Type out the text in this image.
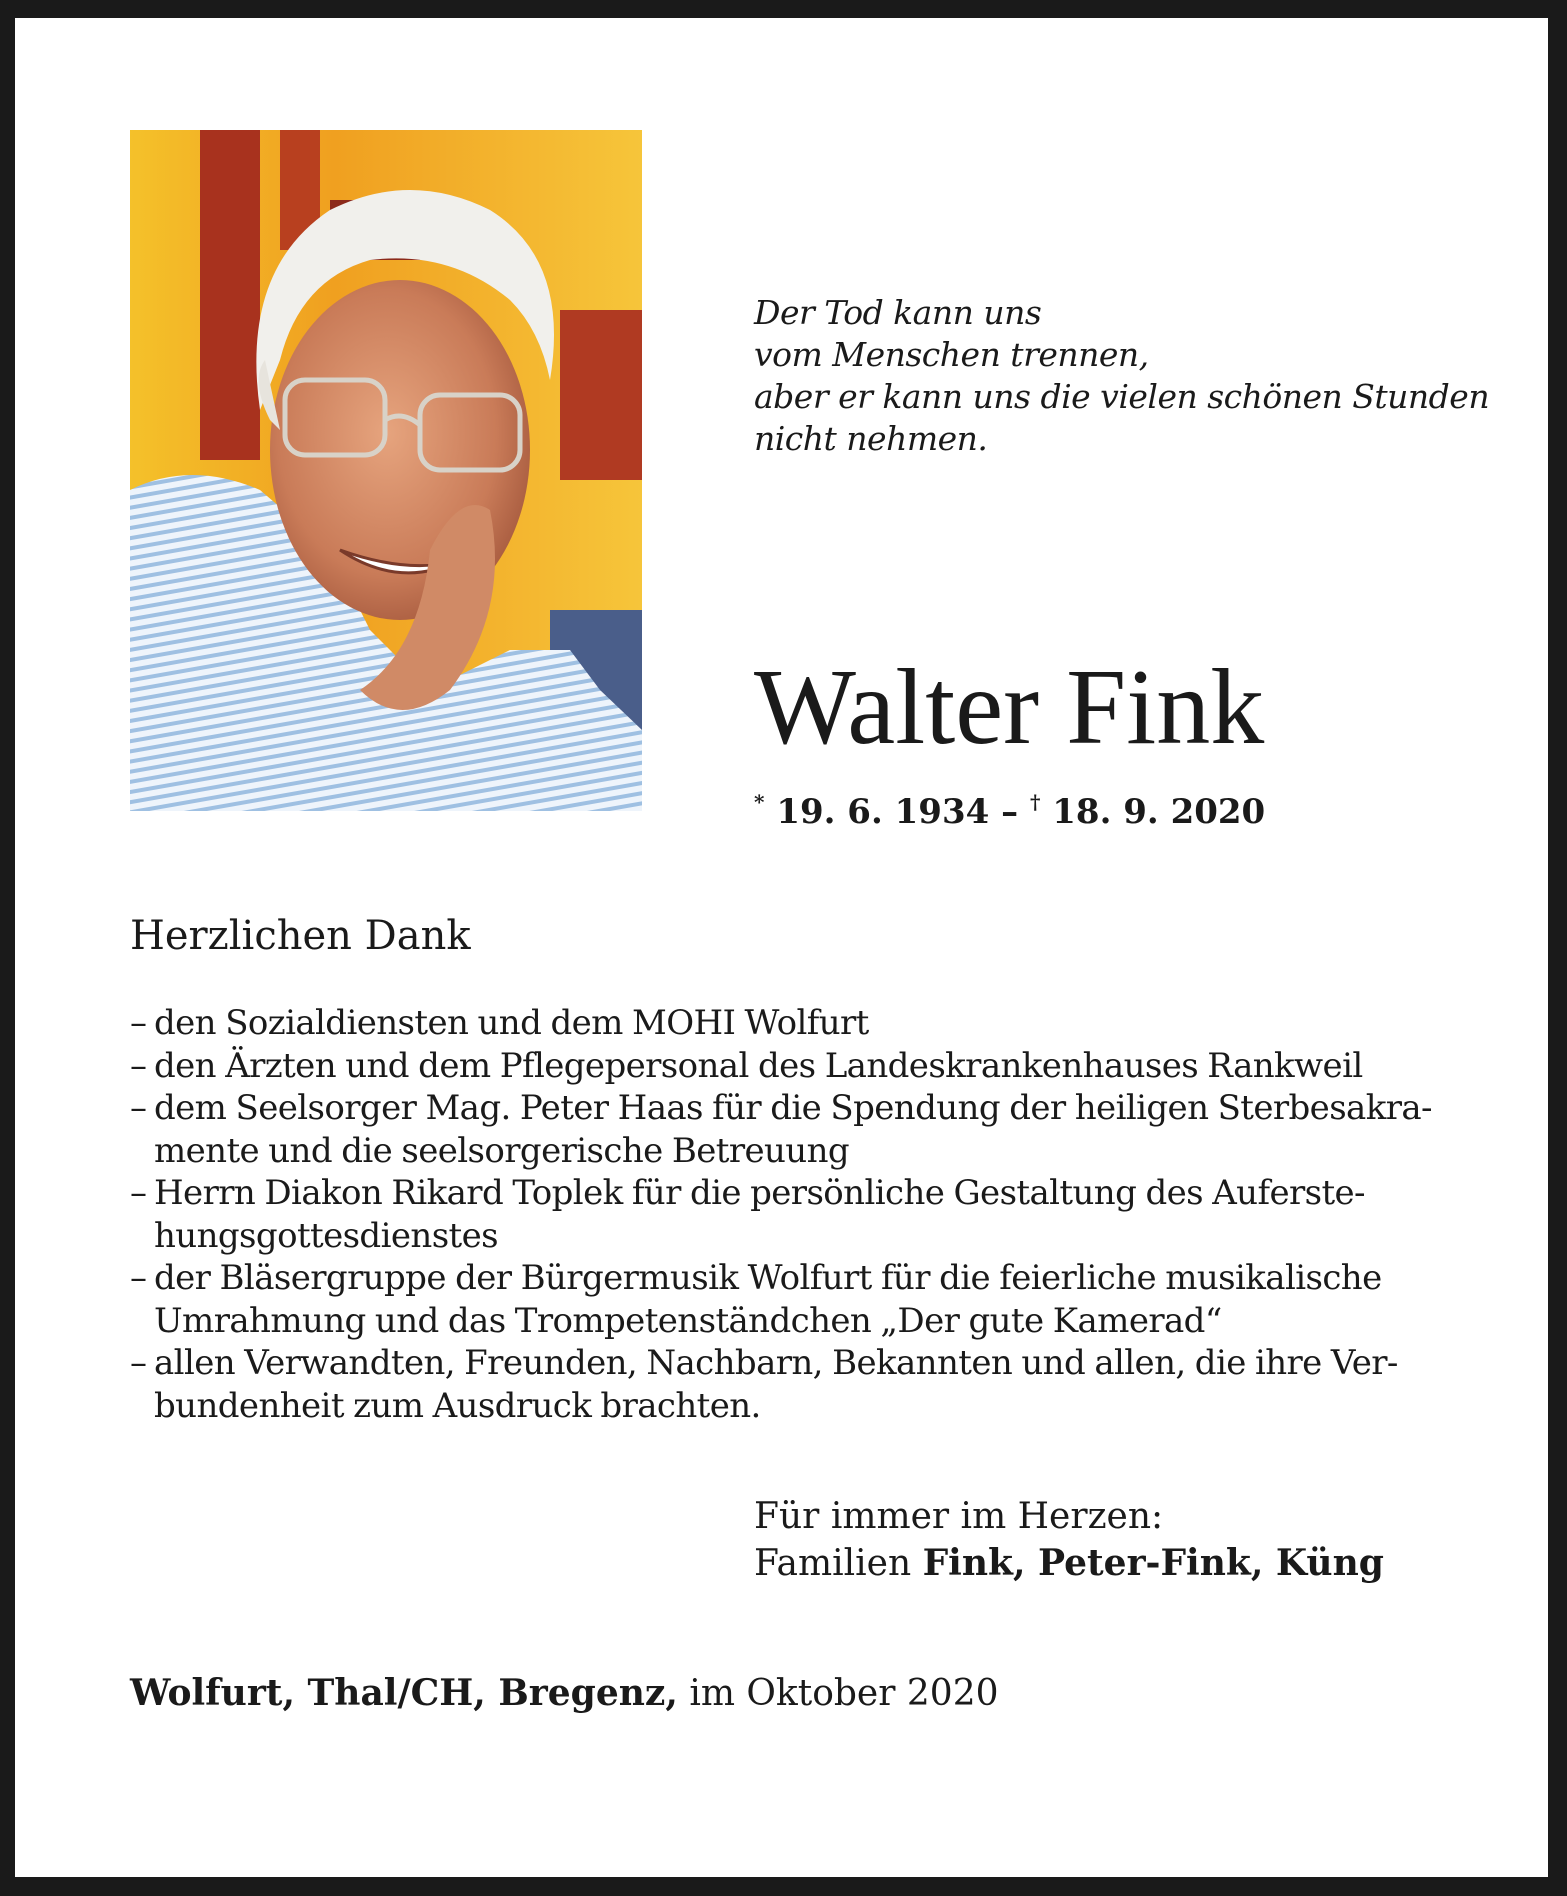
Der Tod kann uns
vom Menschen trennen,
aber er kann uns die vielen schönen Stunden
nicht nehmen.
Walter Fink
* 19. 6. 1934 – † 18. 9. 2020
Herzlichen Dank
– den Sozialdiensten und dem MOHI Wolfurt
– den Ärzten und dem Pflegepersonal des Landeskrankenhauses Rankweil
– dem Seelsorger Mag. Peter Haas für die Spendung der heiligen Sterbesakra-
mente und die seelsorgerische Betreuung
– Herrn Diakon Rikard Toplek für die persönliche Gestaltung des Auferste-
hungsgottesdienstes
– der Bläsergruppe der Bürgermusik Wolfurt für die feierliche musikalische
Umrahmung und das Trompetenständchen „Der gute Kamerad“
– allen Verwandten, Freunden, Nachbarn, Bekannten und allen, die ihre Ver-
bundenheit zum Ausdruck brachten.
Für immer im Herzen:
Familien Fink, Peter-Fink, Küng
Wolfurt, Thal/CH, Bregenz, im Oktober 2020
